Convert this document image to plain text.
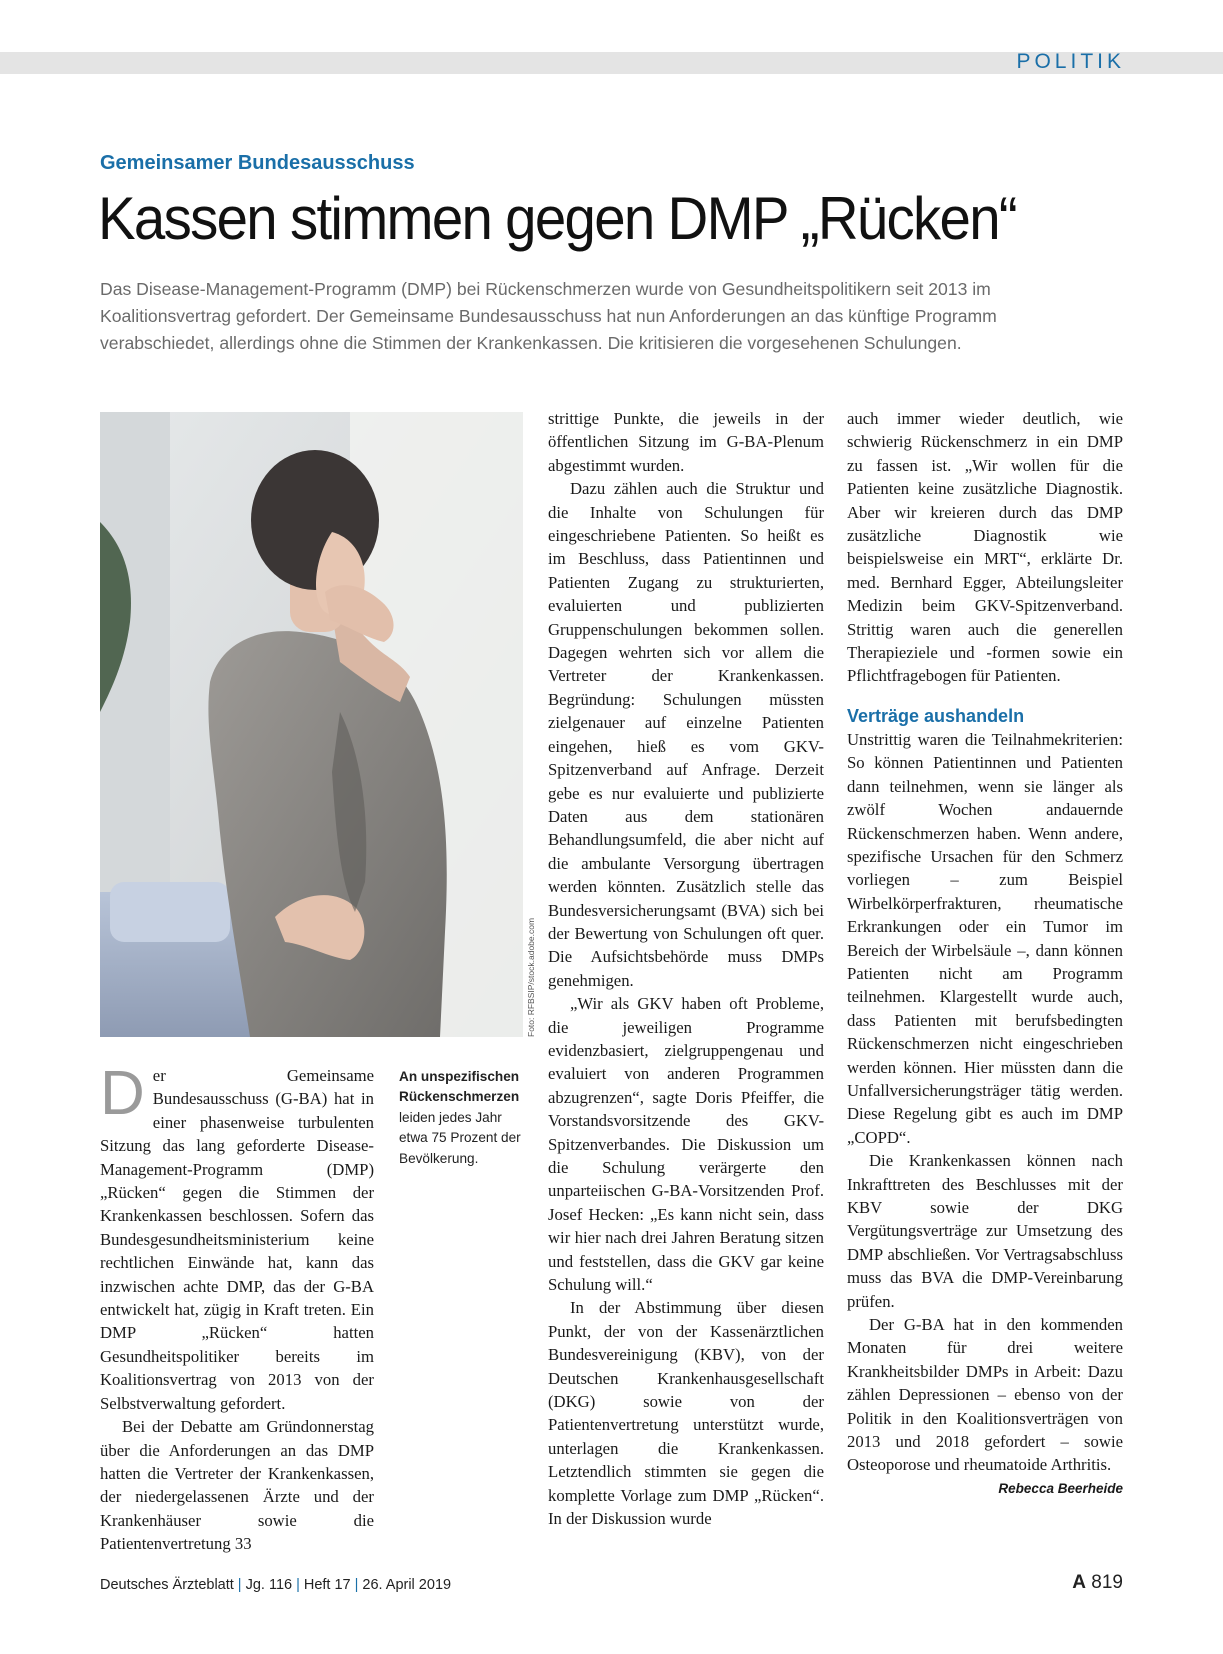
POLITIK
Gemeinsamer Bundesausschuss
Kassen stimmen gegen DMP „Rücken“
Das Disease-Management-Programm (DMP) bei Rückenschmerzen wurde von Gesundheitspolitikern seit 2013 im Koalitionsvertrag gefordert. Der Gemeinsame Bundesausschuss hat nun Anforderungen an das künftige Programm verabschiedet, allerdings ohne die Stimmen der Krankenkassen. Die kritisieren die vorgesehenen Schulungen.
Foto: RFBSIP/stock.adobe.com
D er Gemeinsame Bundesausschuss (G-BA) hat in einer phasenweise turbulenten Sitzung das lang geforderte Disease-Management-Programm (DMP) „Rücken“ gegen die Stimmen der Krankenkassen beschlossen. Sofern das Bundesgesundheitsministerium keine rechtlichen Einwände hat, kann das inzwischen achte DMP, das der G-BA entwickelt hat, zügig in Kraft treten. Ein DMP „Rücken“ hatten Gesundheitspolitiker bereits im Koalitionsvertrag von 2013 von der Selbstverwaltung gefordert.

Bei der Debatte am Gründonnerstag über die Anforderungen an das DMP hatten die Vertreter der Krankenkassen, der niedergelassenen Ärzte und der Krankenhäuser sowie die Patientenvertretung 33

An unspezifischen Rückenschmerzen
leiden jedes Jahr etwa 75 Prozent der Bevölkerung.

strittige Punkte, die jeweils in der öffentlichen Sitzung im G-BA-Plenum abgestimmt wurden.

Dazu zählen auch die Struktur und die Inhalte von Schulungen für eingeschriebene Patienten. So heißt es im Beschluss, dass Patientinnen und Patienten Zugang zu strukturierten, evaluierten und publizierten Gruppenschulungen bekommen sollen. Dagegen wehrten sich vor allem die Vertreter der Krankenkassen. Begründung: Schulungen müssten zielgenauer auf einzelne Patienten eingehen, hieß es vom GKV-Spitzenverband auf Anfrage. Derzeit gebe es nur evaluierte und publizierte Daten aus dem stationären Behandlungsumfeld, die aber nicht auf die ambulante Versorgung übertragen werden könnten. Zusätzlich stelle das Bundesversicherungsamt (BVA) sich bei der Bewertung von Schulungen oft quer. Die Aufsichtsbehörde muss DMPs genehmigen.

„Wir als GKV haben oft Probleme, die jeweiligen Programme evidenzbasiert, zielgruppengenau und evaluiert von anderen Programmen abzugrenzen“, sagte Doris Pfeiffer, die Vorstandsvorsitzende des GKV-Spitzenverbandes. Die Diskussion um die Schulung verärgerte den unparteiischen G-BA-Vorsitzenden Prof. Josef Hecken: „Es kann nicht sein, dass wir hier nach drei Jahren Beratung sitzen und feststellen, dass die GKV gar keine Schulung will.“

In der Abstimmung über diesen Punkt, der von der Kassenärztlichen Bundesvereinigung (KBV), von der Deutschen Krankenhausgesellschaft (DKG) sowie von der Patientenvertretung unterstützt wurde, unterlagen die Krankenkassen. Letztendlich stimmten sie gegen die komplette Vorlage zum DMP „Rücken“. In der Diskussion wurde

auch immer wieder deutlich, wie schwierig Rückenschmerz in ein DMP zu fassen ist. „Wir wollen für die Patienten keine zusätzliche Diagnostik. Aber wir kreieren durch das DMP zusätzliche Diagnostik wie beispielsweise ein MRT“, erklärte Dr. med. Bernhard Egger, Abteilungsleiter Medizin beim GKV-Spitzenverband. Strittig waren auch die generellen Therapieziele und -formen sowie ein Pflichtfragebogen für Patienten.

Verträge aushandeln

Unstrittig waren die Teilnahmekriterien: So können Patientinnen und Patienten dann teilnehmen, wenn sie länger als zwölf Wochen andauernde Rückenschmerzen haben. Wenn andere, spezifische Ursachen für den Schmerz vorliegen – zum Beispiel Wirbelkörperfrakturen, rheumatische Erkrankungen oder ein Tumor im Bereich der Wirbelsäule –, dann können Patienten nicht am Programm teilnehmen. Klargestellt wurde auch, dass Patienten mit berufsbedingten Rückenschmerzen nicht eingeschrieben werden können. Hier müssten dann die Unfallversicherungsträger tätig werden. Diese Regelung gibt es auch im DMP „COPD“.

Die Krankenkassen können nach Inkrafttreten des Beschlusses mit der KBV sowie der DKG Vergütungsverträge zur Umsetzung des DMP abschließen. Vor Vertragsabschluss muss das BVA die DMP-Vereinbarung prüfen.

Der G-BA hat in den kommenden Monaten für drei weitere Krankheitsbilder DMPs in Arbeit: Dazu zählen Depressionen – ebenso von der Politik in den Koalitionsverträgen von 2013 und 2018 gefordert – sowie Osteoporose und rheumatoide Arthritis.
Rebecca Beerheide

Deutsches Ärzteblatt | Jg. 116 | Heft 17 | 26. April 2019	A 819
